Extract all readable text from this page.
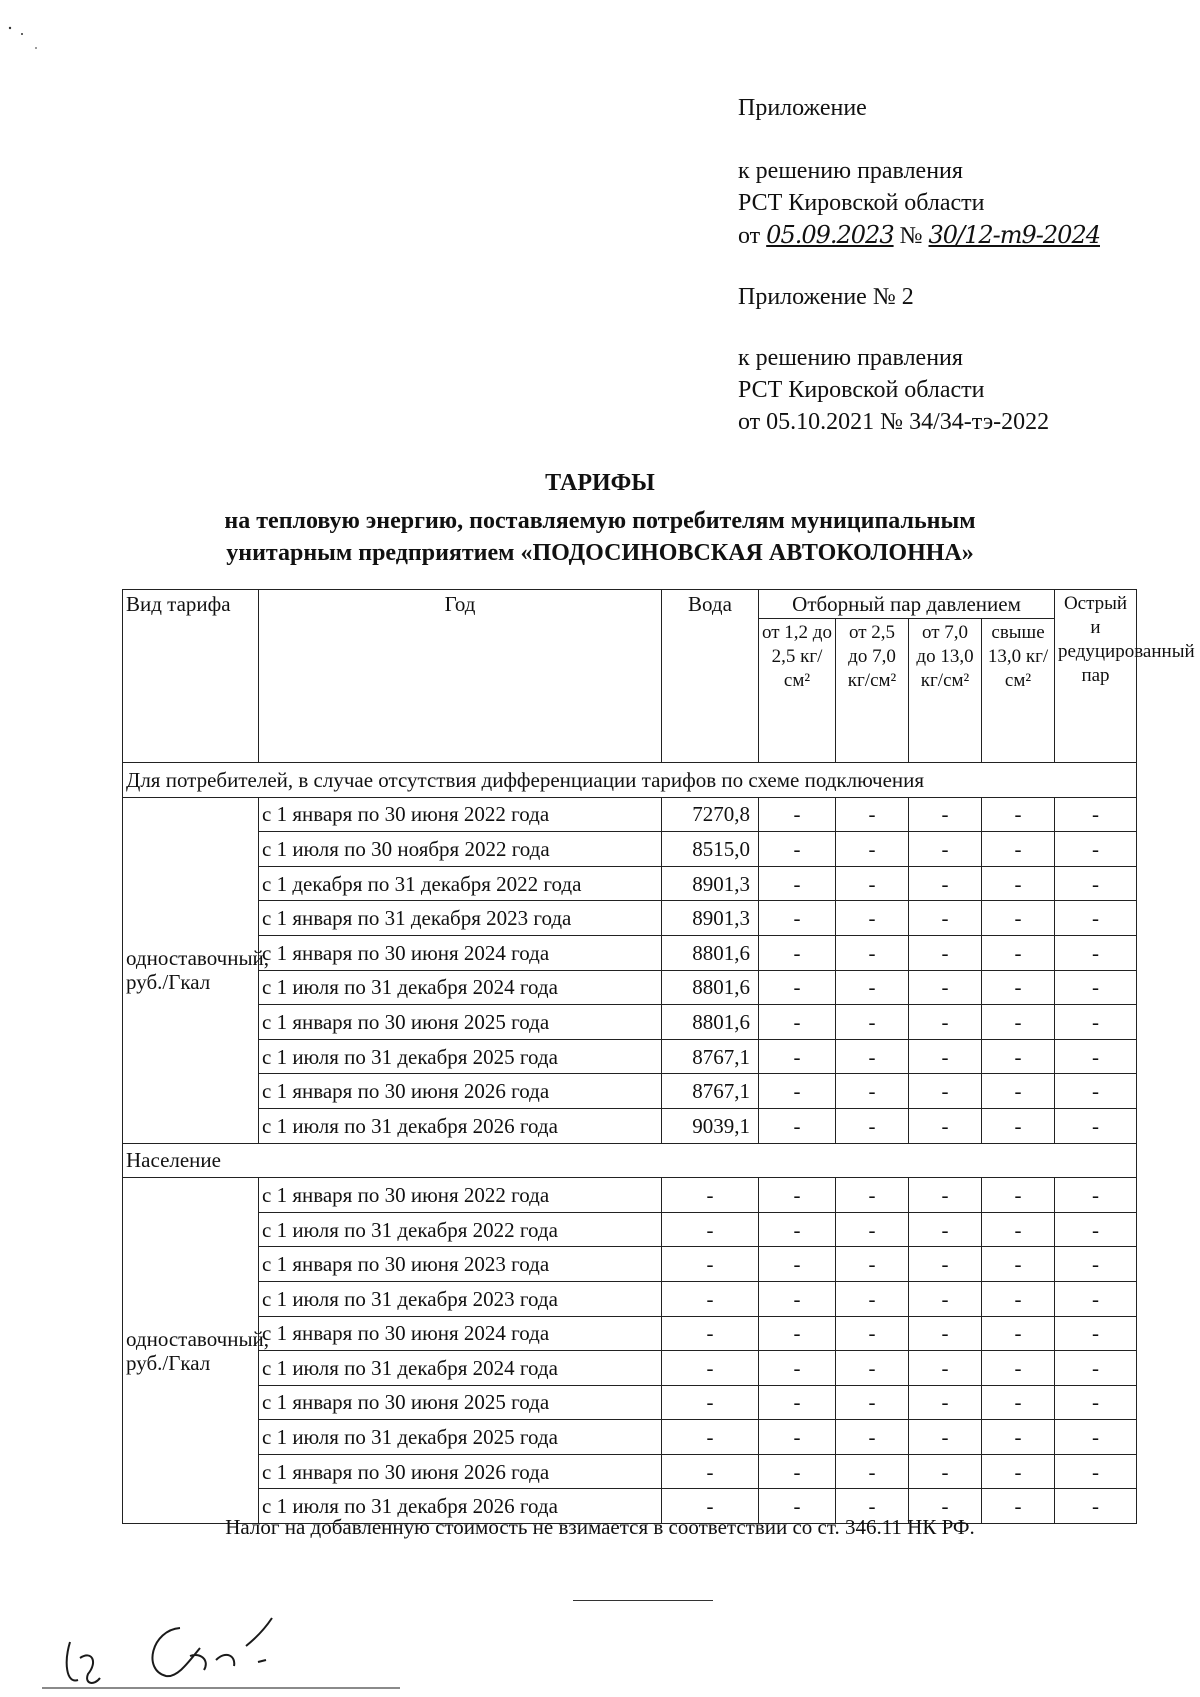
Приложение
к решению правления
РСТ Кировской области
от 05.09.2023 № 30/12-т9-2024
Приложение № 2
к решению правления
РСТ Кировской области
от 05.10.2021 № 34/34-тэ-2022
ТАРИФЫ
на тепловую энергию, поставляемую потребителям муниципальным
унитарным предприятием «ПОДОСИНОВСКАЯ АВТОКОЛОННА»
Вид тарифа	Год	Вода	Отборный пар давлением				Острый и редуцированный пар
			от 1,2 до 2,5 кг/см²	от 2,5 до 7,0 кг/см²	от 7,0 до 13,0 кг/см²	свыше 13,0 кг/см²	
Для потребителей, в случае отсутствия дифференциации тарифов по схеме подключения							
одноставочный, руб./Гкал	с 1 января по 30 июня 2022 года	7270,8	-	-	-	-	-
	с 1 июля по 30 ноября 2022 года	8515,0	-	-	-	-	-
	с 1 декабря по 31 декабря 2022 года	8901,3	-	-	-	-	-
	с 1 января по 31 декабря 2023 года	8901,3	-	-	-	-	-
	с 1 января по 30 июня 2024 года	8801,6	-	-	-	-	-
	с 1 июля по 31 декабря 2024 года	8801,6	-	-	-	-	-
	с 1 января по 30 июня 2025 года	8801,6	-	-	-	-	-
	с 1 июля по 31 декабря 2025 года	8767,1	-	-	-	-	-
	с 1 января по 30 июня 2026 года	8767,1	-	-	-	-	-
	с 1 июля по 31 декабря 2026 года	9039,1	-	-	-	-	-
Население							
одноставочный, руб./Гкал	с 1 января по 30 июня 2022 года	-	-	-	-	-	-
	с 1 июля по 31 декабря 2022 года	-	-	-	-	-	-
	с 1 января по 30 июня 2023 года	-	-	-	-	-	-
	с 1 июля по 31 декабря 2023 года	-	-	-	-	-	-
	с 1 января по 30 июня 2024 года	-	-	-	-	-	-
	с 1 июля по 31 декабря 2024 года	-	-	-	-	-	-
	с 1 января по 30 июня 2025 года	-	-	-	-	-	-
	с 1 июля по 31 декабря 2025 года	-	-	-	-	-	-
	с 1 января по 30 июня 2026 года	-	-	-	-	-	-
	с 1 июля по 31 декабря 2026 года	-	-	-	-	-	-
Налог на добавленную стоимость не взимается в соответствии со ст. 346.11 НК РФ.
